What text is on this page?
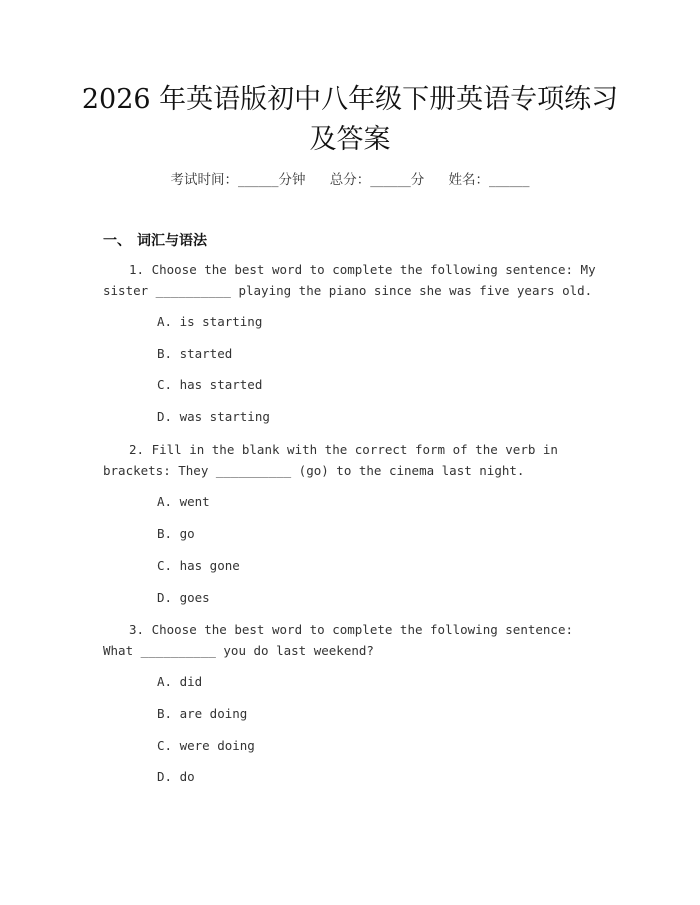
2026 年英语版初中八年级下册英语专项练习
及答案
考试时间：______分钟 总分：______分 姓名：______
一、 词汇与语法
1. Choose the best word to complete the following sentence: My sister __________ playing the piano since she was five years old.
A. is starting
B. started
C. has started
D. was starting
2. Fill in the blank with the correct form of the verb in brackets: They __________ (go) to the cinema last night.
A. went
B. go
C. has gone
D. goes
3. Choose the best word to complete the following sentence: What __________ you do last weekend?
A. did
B. are doing
C. were doing
D. do
